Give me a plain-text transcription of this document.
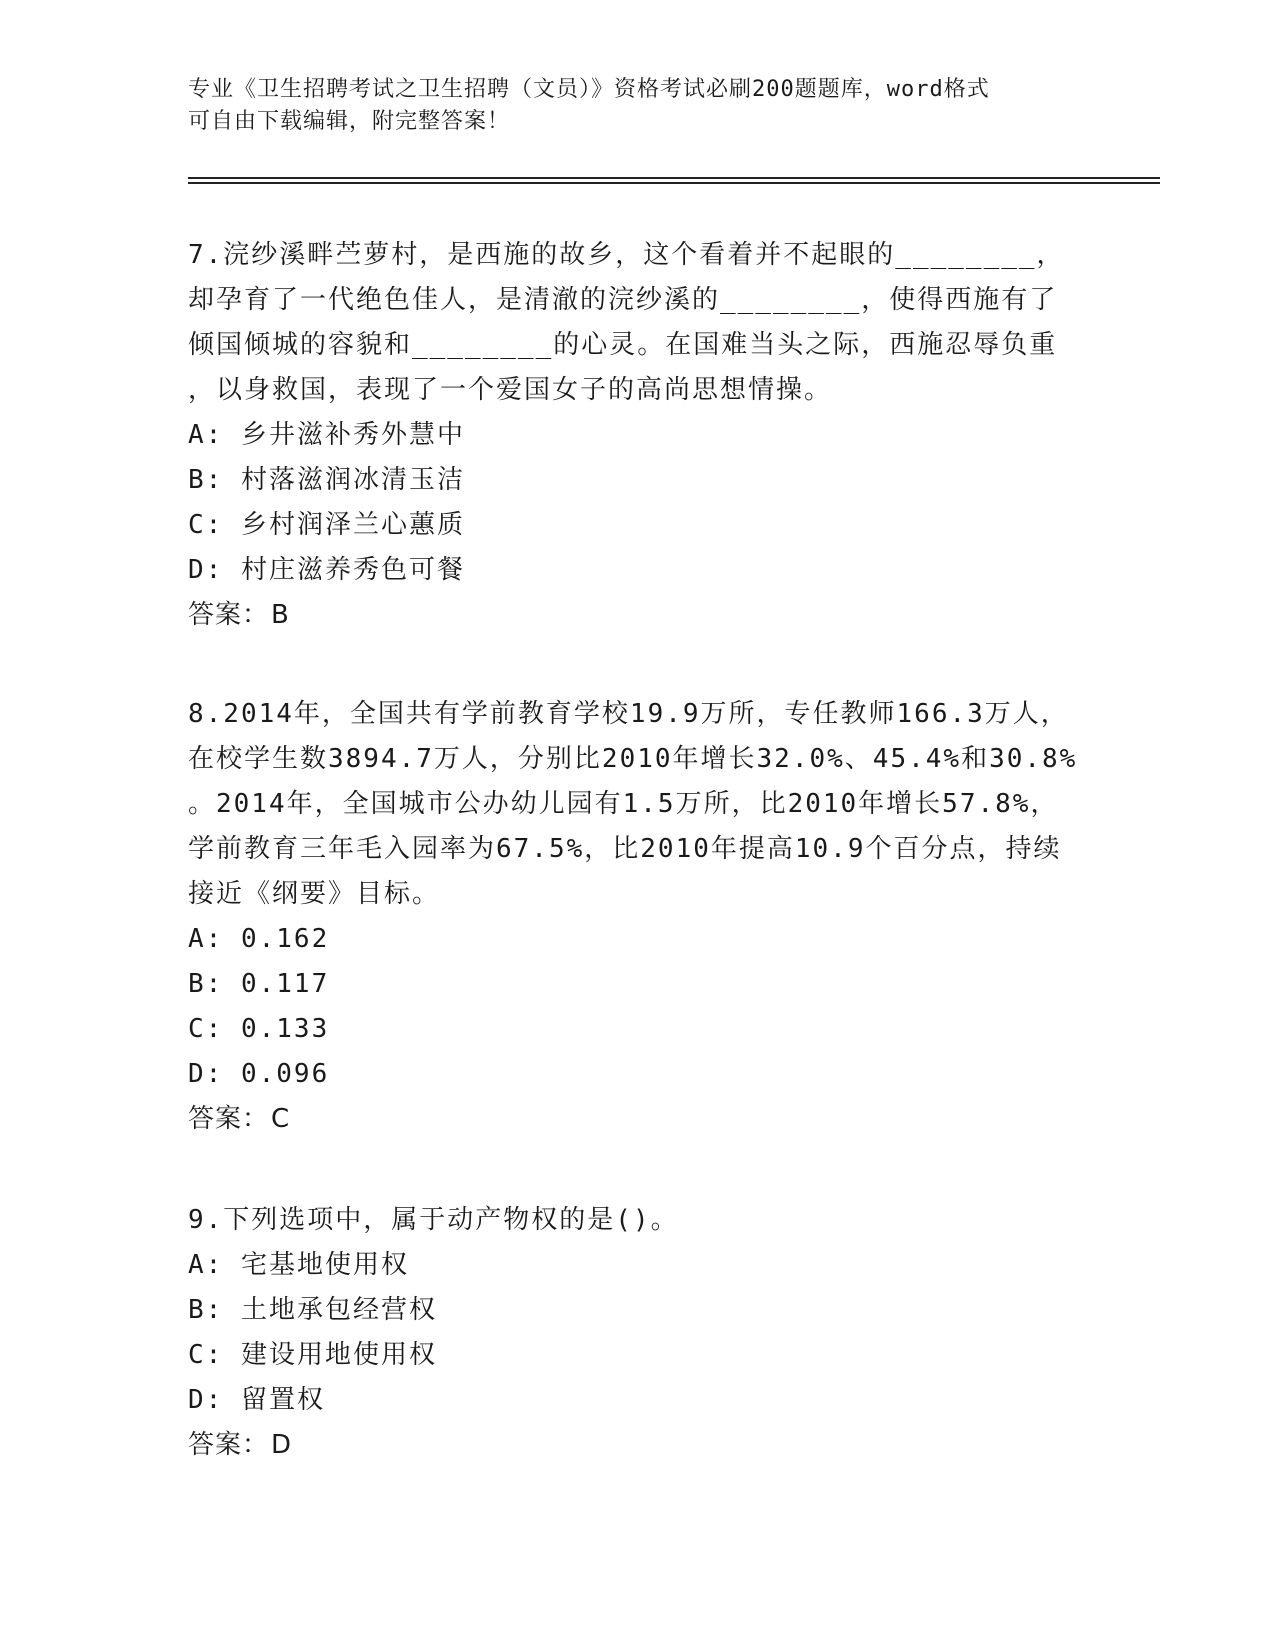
专业《卫生招聘考试之卫生招聘（文员）》资格考试必刷200题题库，word格式
可自由下载编辑，附完整答案！

7.浣纱溪畔苎萝村，是西施的故乡，这个看着并不起眼的________，

却孕育了一代绝色佳人，是清澈的浣纱溪的________，使得西施有了

倾国倾城的容貌和________的心灵。在国难当头之际，西施忍辱负重

，以身救国，表现了一个爱国女子的高尚思想情操。

A: 乡井滋补秀外慧中

B: 村落滋润冰清玉洁

C: 乡村润泽兰心蕙质

D: 村庄滋养秀色可餐

答案：B

8.2014年，全国共有学前教育学校19.9万所，专任教师166.3万人，

在校学生数3894.7万人，分别比2010年增长32.0%、45.4%和30.8%

。2014年，全国城市公办幼儿园有1.5万所，比2010年增长57.8%，

学前教育三年毛入园率为67.5%，比2010年提高10.9个百分点，持续

接近《纲要》目标。

A: 0.162

B: 0.117

C: 0.133

D: 0.096

答案：C

9.下列选项中，属于动产物权的是()。

A: 宅基地使用权

B: 土地承包经营权

C: 建设用地使用权

D: 留置权

答案：D
